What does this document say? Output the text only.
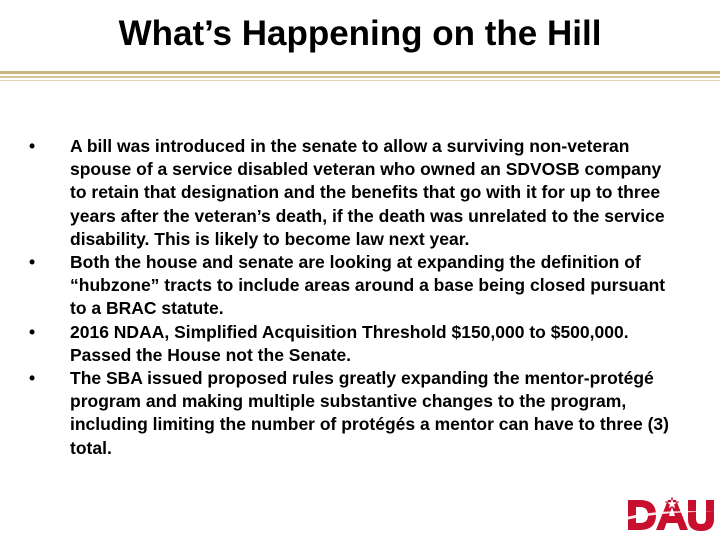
What’s Happening on the Hill
• A bill was introduced in the senate to allow a surviving non-veteran spouse of a service disabled veteran who owned an SDVOSB company to retain that designation and the benefits that go with it for up to three years after the veteran’s death, if the death was unrelated to the service disability. This is likely to become law next year.
• Both the house and senate are looking at expanding the definition of “hubzone” tracts to include areas around a base being closed pursuant to a BRAC statute.
• 2016 NDAA, Simplified Acquisition Threshold $150,000 to $500,000. Passed the House not the Senate.
• The SBA issued proposed rules greatly expanding the mentor-protégé program and making multiple substantive changes to the program, including limiting the number of protégés a mentor can have to three (3) total.
